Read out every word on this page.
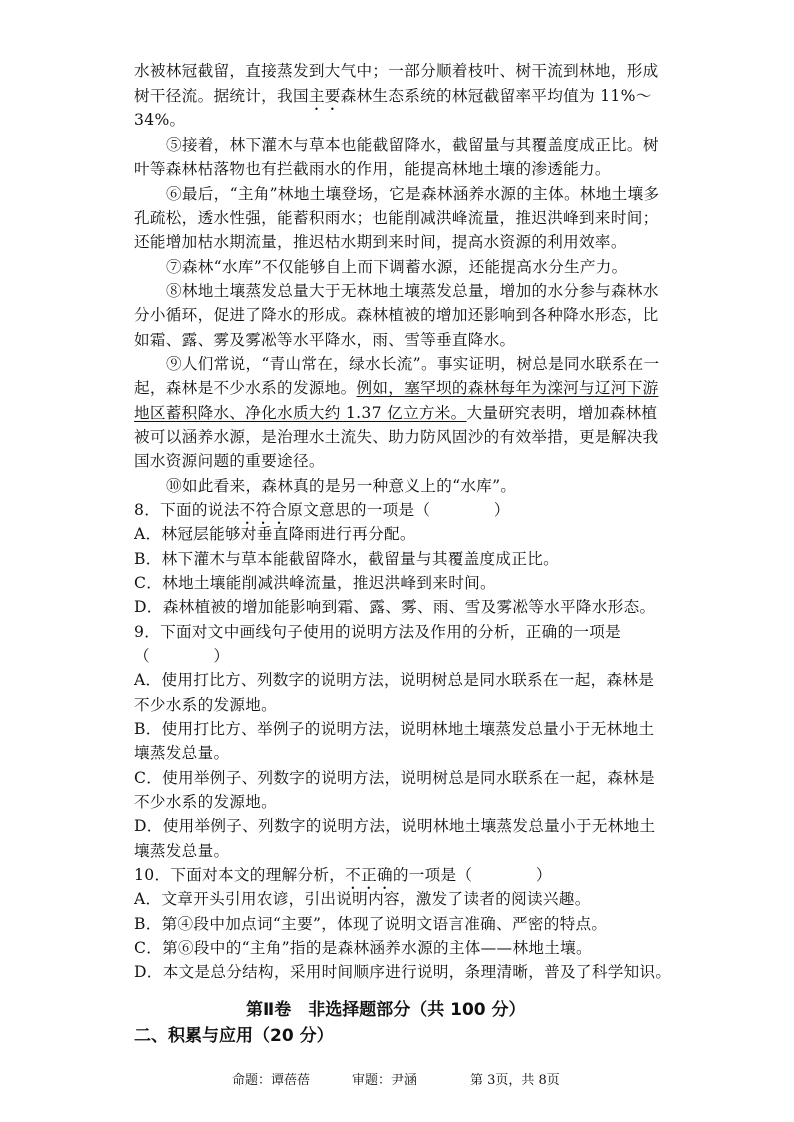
水被林冠截留，直接蒸发到大气中；一部分顺着枝叶、树干流到林地，形成
树干径流。据统计，我国主要森林生态系统的林冠截留率平均值为 11%～
34%。
⑤接着，林下灌木与草本也能截留降水，截留量与其覆盖度成正比。树
叶等森林枯落物也有拦截雨水的作用，能提高林地土壤的渗透能力。
⑥最后，“主角”林地土壤登场，它是森林涵养水源的主体。林地土壤多
孔疏松，透水性强，能蓄积雨水；也能削减洪峰流量，推迟洪峰到来时间；
还能增加枯水期流量，推迟枯水期到来时间，提高水资源的利用效率。
⑦森林“水库”不仅能够自上而下调蓄水源，还能提高水分生产力。
⑧林地土壤蒸发总量大于无林地土壤蒸发总量，增加的水分参与森林水
分小循环，促进了降水的形成。森林植被的增加还影响到各种降水形态，比
如霜、露、雾及雾凇等水平降水，雨、雪等垂直降水。
⑨人们常说，“青山常在，绿水长流”。事实证明，树总是同水联系在一
起，森林是不少水系的发源地。例如，塞罕坝的森林每年为滦河与辽河下游
地区蓄积降水、净化水质大约 1.37 亿立方米。大量研究表明，增加森林植
被可以涵养水源，是治理水土流失、助力防风固沙的有效举措，更是解决我
国水资源问题的重要途径。
⑩如此看来，森林真的是另一种意义上的“水库”。
8．下面的说法不符合原文意思的一项是（　　　　）
A．林冠层能够对垂直降雨进行再分配。
B．林下灌木与草本能截留降水，截留量与其覆盖度成正比。
C．林地土壤能削减洪峰流量，推迟洪峰到来时间。
D．森林植被的增加能影响到霜、露、雾、雨、雪及雾凇等水平降水形态。
9．下面对文中画线句子使用的说明方法及作用的分析，正确的一项是
（　　　　）
A．使用打比方、列数字的说明方法，说明树总是同水联系在一起，森林是
不少水系的发源地。
B．使用打比方、举例子的说明方法，说明林地土壤蒸发总量小于无林地土
壤蒸发总量。
C．使用举例子、列数字的说明方法，说明树总是同水联系在一起，森林是
不少水系的发源地。
D．使用举例子、列数字的说明方法，说明林地土壤蒸发总量小于无林地土
壤蒸发总量。
10．下面对本文的理解分析，不正确的一项是（　　　　）
A．文章开头引用农谚，引出说明内容，激发了读者的阅读兴趣。
B．第④段中加点词“主要”，体现了说明文语言准确、严密的特点。
C．第⑥段中的“主角”指的是森林涵养水源的主体——林地土壤。
D．本文是总分结构，采用时间顺序进行说明，条理清晰，普及了科学知识。
第Ⅱ卷　非选择题部分（共 100 分）
二、积累与应用（20 分）
命题：谭蓓蓓	审题：尹涵	第 3页，共 8页
